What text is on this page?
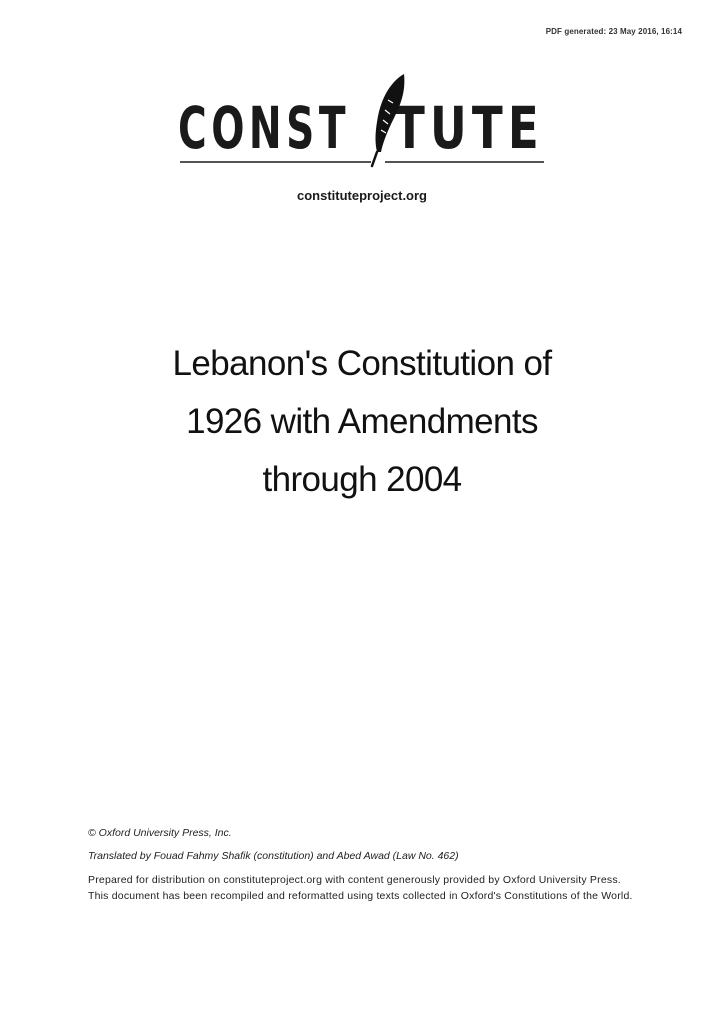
PDF generated: 23 May 2016, 16:14
CONST TUTE
constituteproject.org
Lebanon's Constitution of
1926 with Amendments
through 2004

© Oxford University Press, Inc.

Translated by Fouad Fahmy Shafik (constitution) and Abed Awad (Law No. 462)

Prepared for distribution on constituteproject.org with content generously provided by Oxford University Press. This document has been recompiled and reformatted using texts collected in Oxford's Constitutions of the World.
